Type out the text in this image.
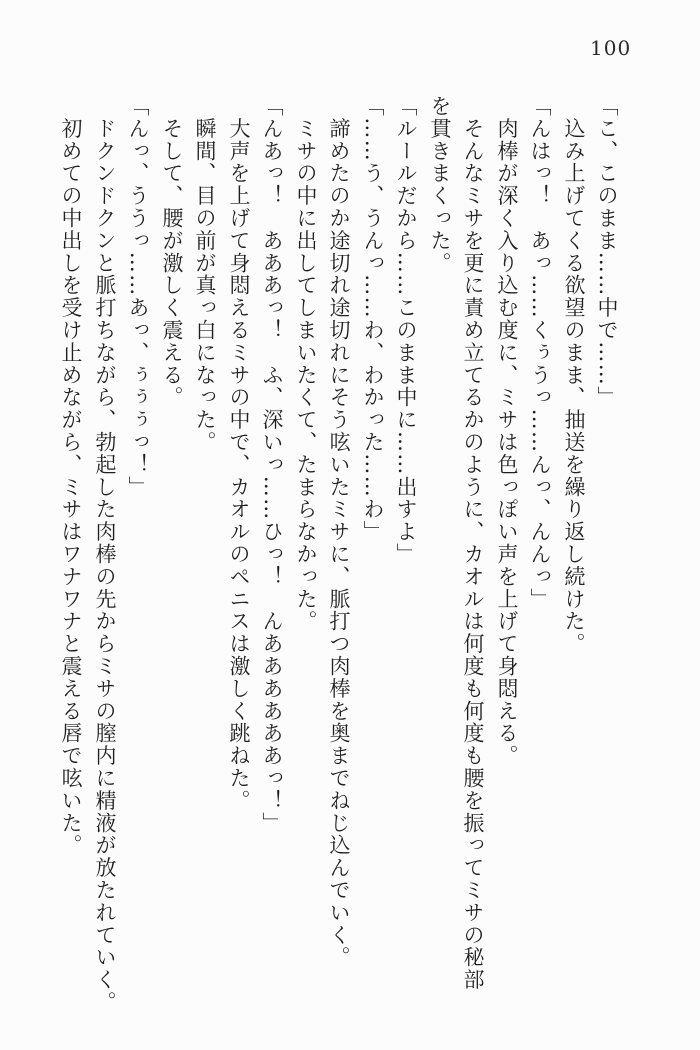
100
「こ、このまま……中で……」
　込み上げてくる欲望のまま、抽送を繰り返し続けた。
「んはっ！　あっ……くぅうっ……んっ、んんっ」
　肉棒が深く入り込む度に、ミサは色っぽい声を上げて身悶える。
　そんなミサを更に責め立てるかのように、カオルは何度も何度も腰を振ってミサの秘部
を貫きまくった。
「ルールだから……このまま中に……出すよ」
「……う、うんっ……わ、わかった……わ」
　諦めたのか途切れ途切れにそう呟いたミサに、脈打つ肉棒を奥までねじ込んでいく。
　ミサの中に出してしまいたくて、たまらなかった。
「んあっ！　あああっ！　ふ、深いっ……ひっ！　んああああああっ！」
　大声を上げて身悶えるミサの中で、カオルのペニスは激しく跳ねた。
　瞬間、目の前が真っ白になった。
　そして、腰が激しく震える。
「んっ、ううっ……あっ、ぅぅぅっ！」
　ドクンドクンと脈打ちながら、勃起した肉棒の先からミサの膣内に精液が放たれていく。
　初めての中出しを受け止めながら、ミサはワナワナと震える唇で呟いた。
